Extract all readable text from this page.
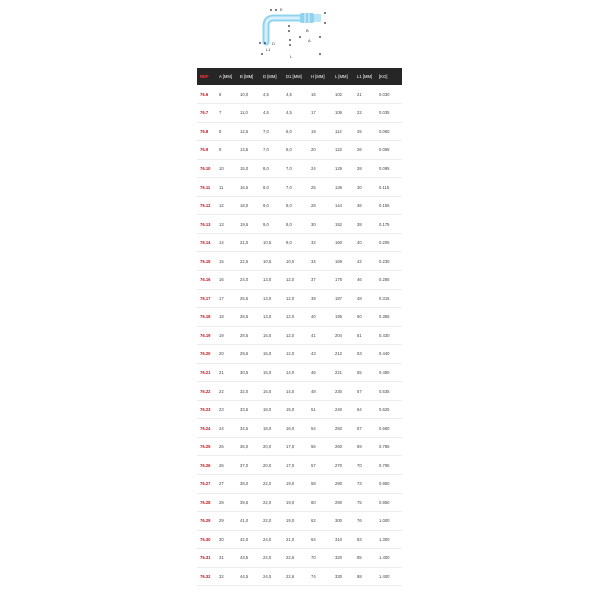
E
B
A
D
L1
L
REF	A [MM]	B [MM]	D [MM]	D1 [MM]	H [MM]	L [MM]	L1 [MM]	[KG]
76.6	6	10,0	4,5	4,5	16	102	21	0.030
76.7	7	11,0	4,5	4,5	17	106	22	0.035
76.8	8	12,5	7,0	6,0	19	114	25	0.060
76.9	9	13,5	7,0	6,0	20	122	26	0.065
76.10	10	15,0	8,0	7,0	24	129	28	0.095
76.11	11	16,5	8,0	7,0	25	136	30	0.115
76.12	12	18,0	9,0	8,0	28	144	36	0.155
76.13	13	19,5	9,0	8,0	30	152	38	0.175
76.14	14	21,0	10,5	9,0	32	160	40	0.205
76.15	15	22,5	10,5	10,0	34	169	42	0.230
76.16	16	24,0	13,0	12,0	37	178	46	0.285
76.17	17	25,5	13,0	12,0	39	187	48	0.315
76.18	18	26,5	13,0	12,0	40	195	50	0.365
76.19	19	28,5	15,0	12,0	41	204	51	0.430
76.20	20	29,5	15,0	12,0	43	212	53	0.440
76.21	21	30,5	15,0	14,0	46	221	55	0.490
76.22	22	32,0	15,0	14,0	48	230	57	0.535
76.23	23	33,5	18,0	15,0	51	240	64	0.625
76.24	24	34,5	18,0	16,0	54	250	67	0.660
76.25	25	36,0	20,0	17,0	56	260	69	0.785
76.26	26	37,0	20,0	17,0	57	270	70	0.795
76.27	27	38,0	22,0	19,0	58	280	73	0.950
76.28	28	39,5	22,0	19,0	60	290	75	0.950
76.29	29	41,0	22,0	19,0	62	300	76	1.000
76.30	30	42,0	24,0	21,0	64	310	83	1.300
76.31	31	43,5	24,0	22,6	70	320	85	1.400
76.32	32	44,5	24,0	22,6	74	330	88	1.400
